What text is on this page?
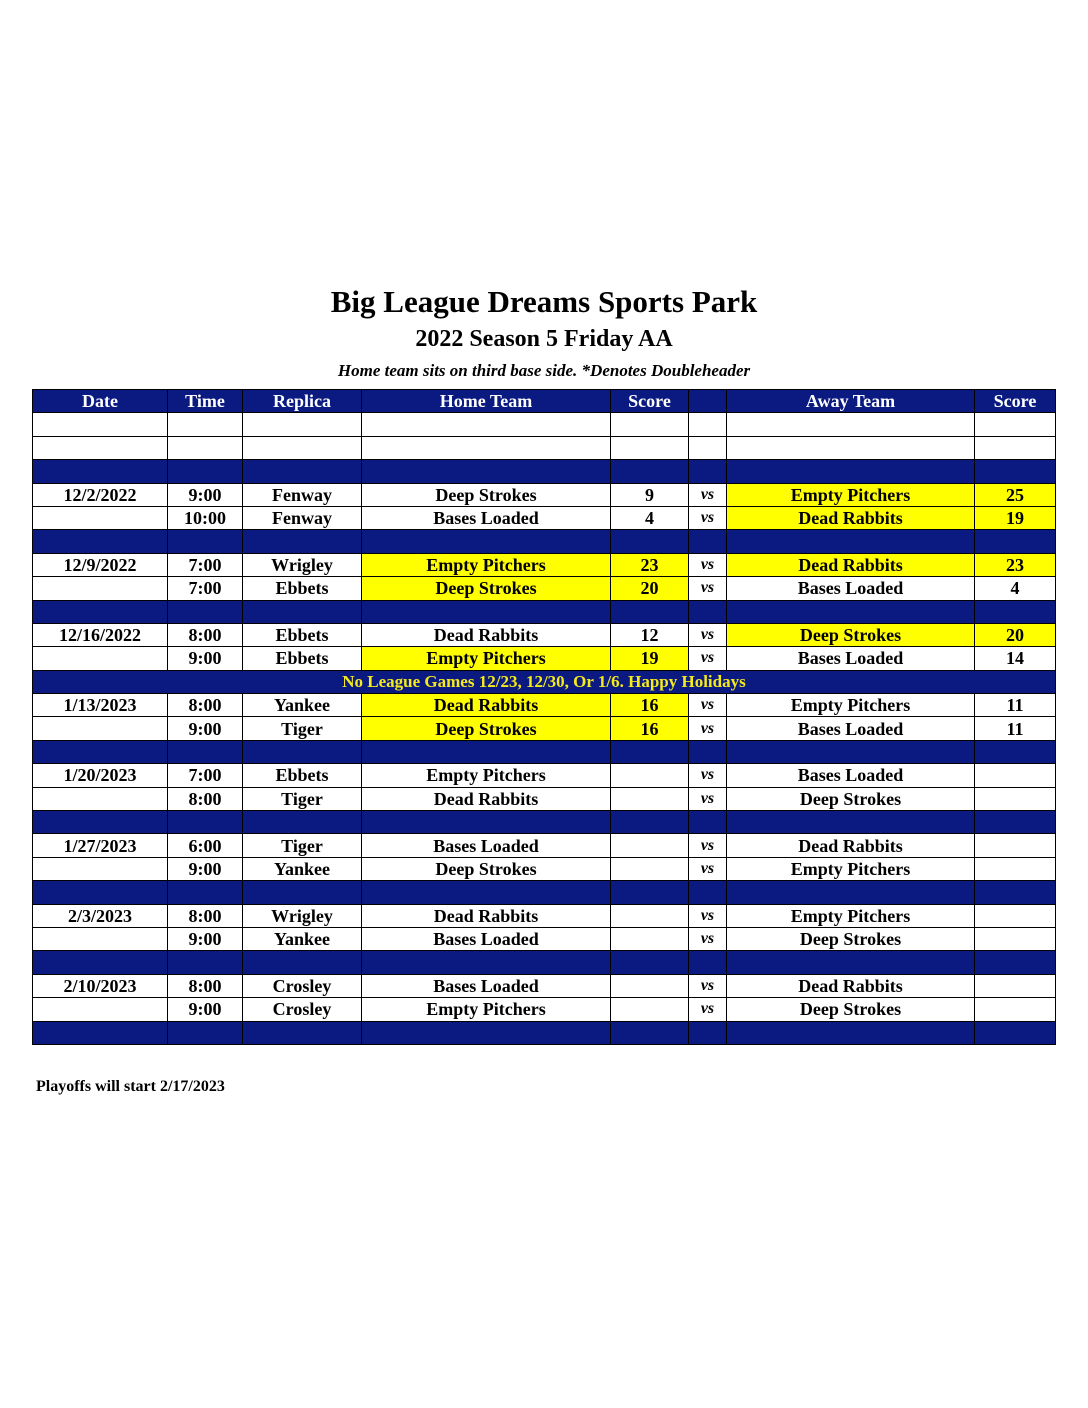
Big League Dreams Sports Park
2022 Season 5 Friday AA
Home team sits on third base side. *Denotes Doubleheader
Date	Time	Replica	Home Team	Score		Away Team	Score

12/2/2022	9:00	Fenway	Deep Strokes	9	vs	Empty Pitchers	25
	10:00	Fenway	Bases Loaded	4	vs	Dead Rabbits	19

12/9/2022	7:00	Wrigley	Empty Pitchers	23	vs	Dead Rabbits	23
	7:00	Ebbets	Deep Strokes	20	vs	Bases Loaded	4

12/16/2022	8:00	Ebbets	Dead Rabbits	12	vs	Deep Strokes	20
	9:00	Ebbets	Empty Pitchers	19	vs	Bases Loaded	14
No League Games 12/23, 12/30, Or 1/6. Happy Holidays							
1/13/2023	8:00	Yankee	Dead Rabbits	16	vs	Empty Pitchers	11
	9:00	Tiger	Deep Strokes	16	vs	Bases Loaded	11

1/20/2023	7:00	Ebbets	Empty Pitchers		vs	Bases Loaded	
	8:00	Tiger	Dead Rabbits		vs	Deep Strokes	

1/27/2023	6:00	Tiger	Bases Loaded		vs	Dead Rabbits	
	9:00	Yankee	Deep Strokes		vs	Empty Pitchers	

2/3/2023	8:00	Wrigley	Dead Rabbits		vs	Empty Pitchers	
	9:00	Yankee	Bases Loaded		vs	Deep Strokes	

2/10/2023	8:00	Crosley	Bases Loaded		vs	Dead Rabbits	
	9:00	Crosley	Empty Pitchers		vs	Deep Strokes	

Playoffs will start 2/17/2023
